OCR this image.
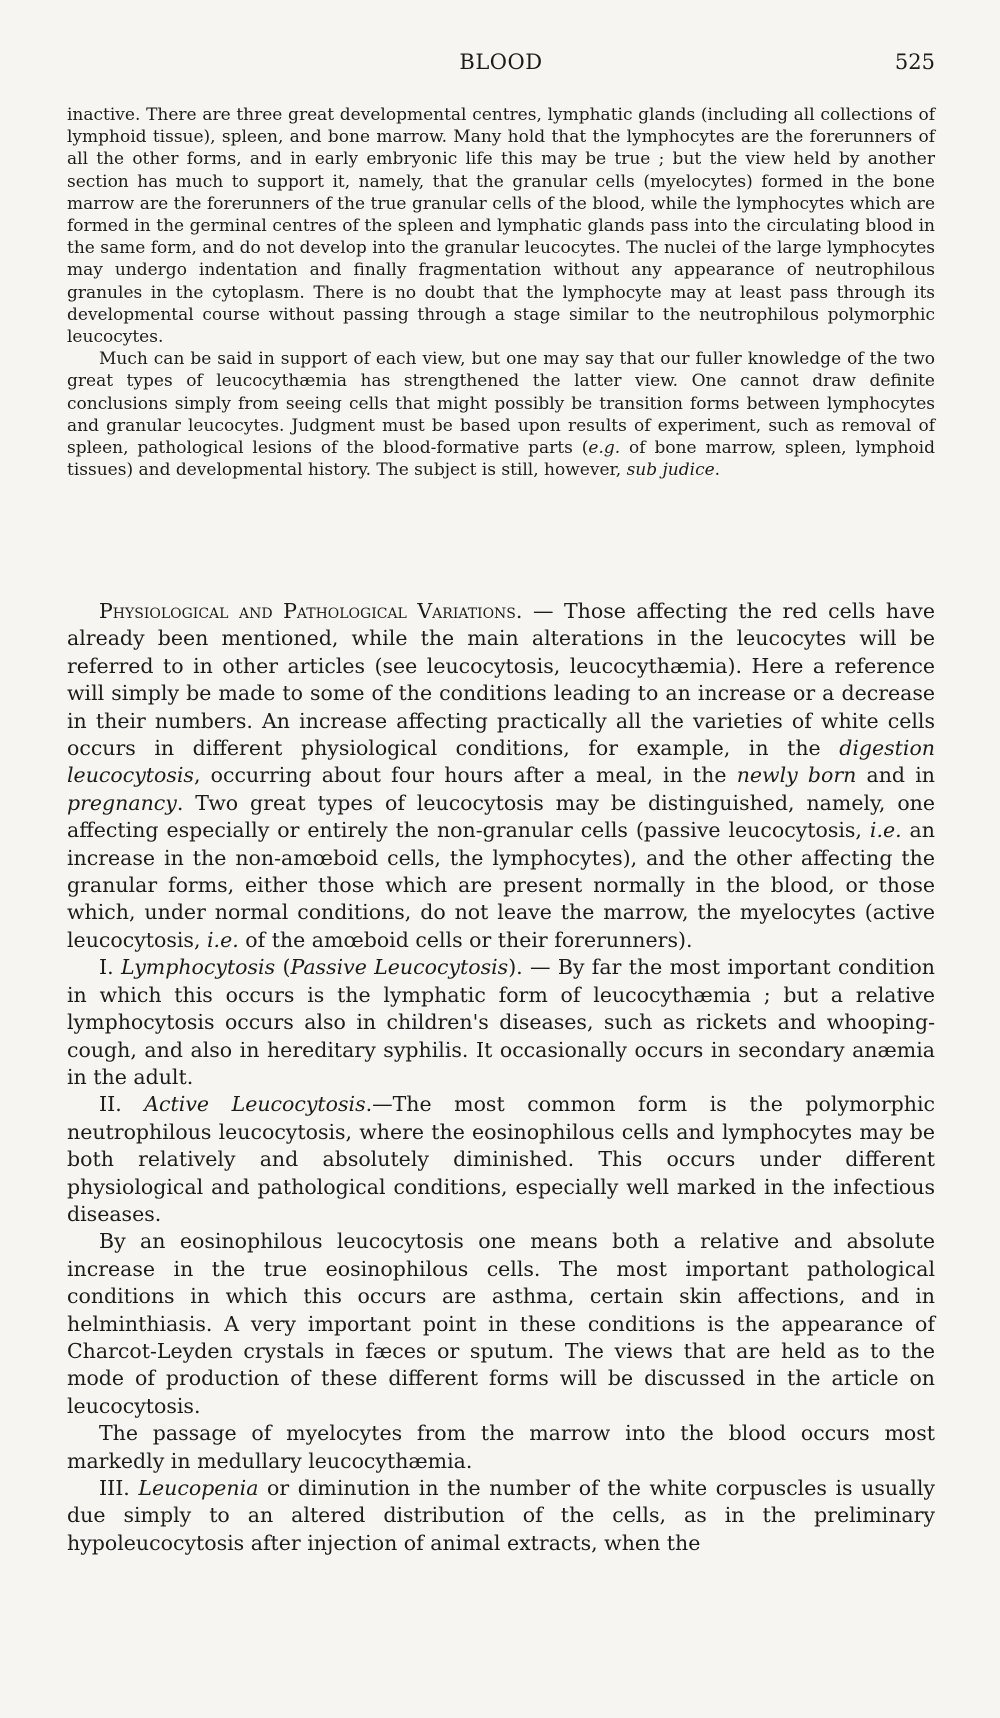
BLOOD	525

inactive. There are three great developmental centres, lymphatic glands (including all collections of lymphoid tissue), spleen, and bone marrow. Many hold that the lymphocytes are the forerunners of all the other forms, and in early embryonic life this may be true ; but the view held by another section has much to support it, namely, that the granular cells (myelocytes) formed in the bone marrow are the forerunners of the true granular cells of the blood, while the lymphocytes which are formed in the germinal centres of the spleen and lymphatic glands pass into the circulating blood in the same form, and do not develop into the granular leucocytes. The nuclei of the large lymphocytes may undergo indentation and finally fragmentation without any appearance of neutrophilous granules in the cytoplasm. There is no doubt that the lymphocyte may at least pass through its developmental course without passing through a stage similar to the neutrophilous polymorphic leucocytes.

Much can be said in support of each view, but one may say that our fuller knowledge of the two great types of leucocythæmia has strengthened the latter view. One cannot draw definite conclusions simply from seeing cells that might possibly be transition forms between lymphocytes and granular leucocytes. Judgment must be based upon results of experiment, such as removal of spleen, pathological lesions of the blood-formative parts (e.g. of bone marrow, spleen, lymphoid tissues) and developmental history. The subject is still, however, sub judice.

Physiological and Pathological Variations. — Those affecting the red cells have already been mentioned, while the main alterations in the leucocytes will be referred to in other articles (see leucocytosis, leucocythæmia). Here a reference will simply be made to some of the conditions leading to an increase or a decrease in their numbers. An increase affecting practically all the varieties of white cells occurs in different physiological conditions, for example, in the digestion leucocytosis, occurring about four hours after a meal, in the newly born and in pregnancy. Two great types of leucocytosis may be distinguished, namely, one affecting especially or entirely the non-granular cells (passive leucocytosis, i.e. an increase in the non-amœboid cells, the lymphocytes), and the other affecting the granular forms, either those which are present normally in the blood, or those which, under normal conditions, do not leave the marrow, the myelocytes (active leucocytosis, i.e. of the amœboid cells or their forerunners).

I. Lymphocytosis (Passive Leucocytosis). — By far the most important condition in which this occurs is the lymphatic form of leucocythæmia ; but a relative lymphocytosis occurs also in children's diseases, such as rickets and whooping-cough, and also in hereditary syphilis. It occasionally occurs in secondary anæmia in the adult.

II. Active Leucocytosis.—The most common form is the polymorphic neutrophilous leucocytosis, where the eosinophilous cells and lymphocytes may be both relatively and absolutely diminished. This occurs under different physiological and pathological conditions, especially well marked in the infectious diseases.

By an eosinophilous leucocytosis one means both a relative and absolute increase in the true eosinophilous cells. The most important pathological conditions in which this occurs are asthma, certain skin affections, and in helminthiasis. A very important point in these conditions is the appearance of Charcot-Leyden crystals in fæces or sputum. The views that are held as to the mode of production of these different forms will be discussed in the article on leucocytosis.

The passage of myelocytes from the marrow into the blood occurs most markedly in medullary leucocythæmia.

III. Leucopenia or diminution in the number of the white corpuscles is usually due simply to an altered distribution of the cells, as in the preliminary hypoleucocytosis after injection of animal extracts, when the
